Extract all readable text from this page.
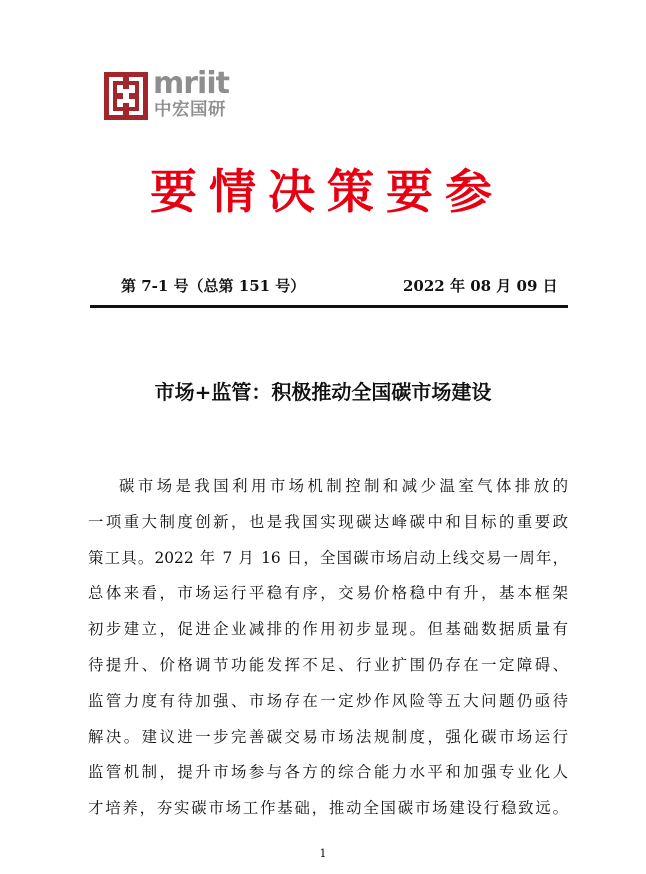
mriit
中宏国研
要情决策要参
第 7-1 号（总第 151 号）	2022 年 08 月 09 日
市场+监管：积极推动全国碳市场建设
碳市场是我国利用市场机制控制和减少温室气体排放的
一项重大制度创新，也是我国实现碳达峰碳中和目标的重要政
策工具。2022 年 7 月 16 日，全国碳市场启动上线交易一周年，
总体来看，市场运行平稳有序，交易价格稳中有升，基本框架
初步建立，促进企业减排的作用初步显现。但基础数据质量有
待提升、价格调节功能发挥不足、行业扩围仍存在一定障碍、
监管力度有待加强、市场存在一定炒作风险等五大问题仍亟待
解决。建议进一步完善碳交易市场法规制度，强化碳市场运行
监管机制，提升市场参与各方的综合能力水平和加强专业化人
才培养，夯实碳市场工作基础，推动全国碳市场建设行稳致远。
1
